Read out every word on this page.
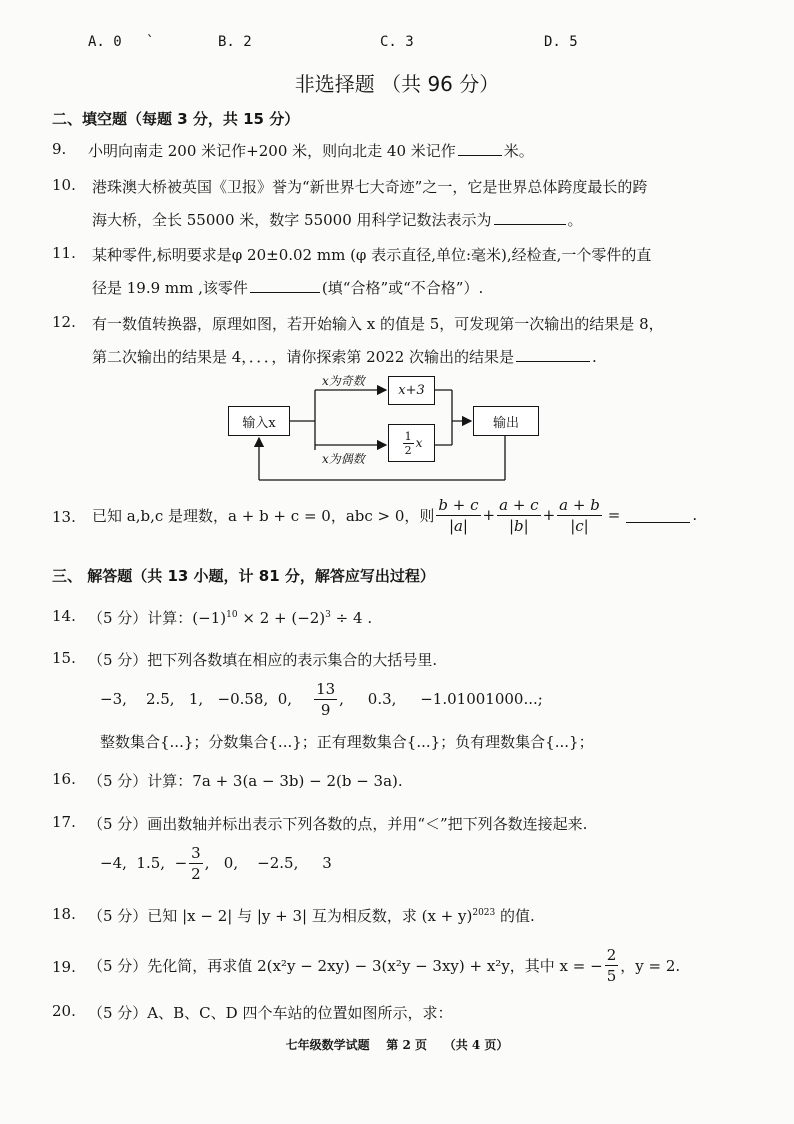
A. 0 `	B. 2	C. 3	D. 5
非选择题 （共 96 分）
二、填空题（每题 3 分，共 15 分）
9. 小明向南走 200 米记作+200 米，则向北走 40 米记作	米。
10. 港珠澳大桥被英国《卫报》誉为“新世界七大奇迹”之一，它是世界总体跨度最长的跨
海大桥，全长 55000 米，数字 55000 用科学记数法表示为	。
11. 某种零件,标明要求是φ 20±0.02 mm (φ 表示直径,单位:毫米),经检查,一个零件的直
径是 19.9 mm ,该零件	(填“合格”或“不合格”）.
12. 有一数值转换器，原理如图，若开始输入 x 的值是 5，可发现第一次输出的结果是 8，
第二次输出的结果是 4，．．．，请你探索第 2022 次输出的结果是	.
输入x
x为奇数
x+3
$\frac{1}{2}$ x
x为偶数
输出
13. 已知 a,b,c 是理数，a + b + c = 0，abc > 0，则 $\frac{b + c}{|a|} + \frac{a + c}{|b|} + \frac{a + b}{|c|}$ =	.
三、 解答题（共 13 小题，计 81 分，解答应写出过程）
14. （5 分）计算：$(-1)^{10} \times 2 + (-2)^3 \div 4$ .
15. （5 分）把下列各数填在相应的表示集合的大括号里.
−3,    2.5,   1,   −0.58,  0, $\frac{13}{9}$ ,     0.3,     −1.01001000...;
整数集合{...}；分数集合{...}；正有理数集合{...}；负有理数集合{...}；
16. （5 分）计算：7a + 3(a − 3b) − 2(b − 3a).
17. （5 分）画出数轴并标出表示下列各数的点，并用“＜”把下列各数连接起来.
−4,  1.5,  − $\frac{3}{2}$ ,   0,    −2.5,     3
18. （5 分）已知 |x − 2| 与 |y + 3| 互为相反数，求 $(x + y)^{2023}$ 的值.
19. （5 分）先化简，再求值 2(x²y − 2xy) − 3(x²y − 3xy) + x²y，其中 x = − $\frac{2}{5}$ ，y = 2.
20. （5 分）A、B、C、D 四个车站的位置如图所示，求：
七年级数学试题    第 2 页    （共 4 页）
